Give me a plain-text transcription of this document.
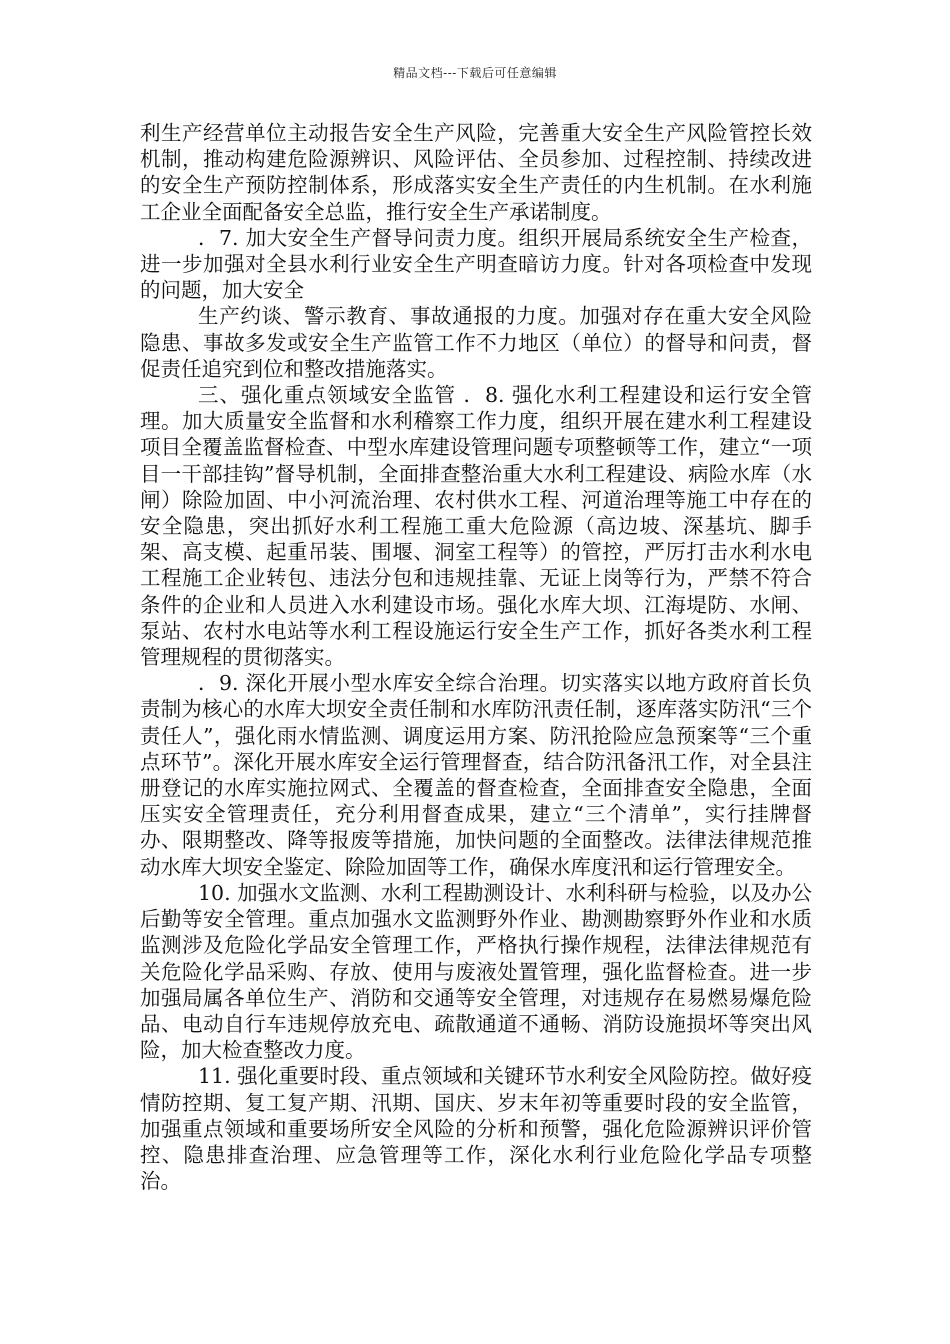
精品文档---下载后可任意编辑

利生产经营单位主动报告安全生产风险，完善重大安全生产风险管控长效机制，推动构建危险源辨识、风险评估、全员参加、过程控制、持续改进的安全生产预防控制体系，形成落实安全生产责任的内生机制。在水利施工企业全面配备安全总监，推行安全生产承诺制度。

．7. 加大安全生产督导问责力度。组织开展局系统安全生产检查，进一步加强对全县水利行业安全生产明查暗访力度。针对各项检查中发现的问题，加大安全

生产约谈、警示教育、事故通报的力度。加强对存在重大安全风险隐患、事故多发或安全生产监管工作不力地区（单位）的督导和问责，督促责任追究到位和整改措施落实。

三、强化重点领域安全监管 ．8. 强化水利工程建设和运行安全管理。加大质量安全监督和水利稽察工作力度，组织开展在建水利工程建设项目全覆盖监督检查、中型水库建设管理问题专项整顿等工作，建立“一项目一干部挂钩”督导机制，全面排查整治重大水利工程建设、病险水库（水闸）除险加固、中小河流治理、农村供水工程、河道治理等施工中存在的安全隐患，突出抓好水利工程施工重大危险源（高边坡、深基坑、脚手架、高支模、起重吊装、围堰、洞室工程等）的管控，严厉打击水利水电工程施工企业转包、违法分包和违规挂靠、无证上岗等行为，严禁不符合条件的企业和人员进入水利建设市场。强化水库大坝、江海堤防、水闸、泵站、农村水电站等水利工程设施运行安全生产工作，抓好各类水利工程管理规程的贯彻落实。

．9. 深化开展小型水库安全综合治理。切实落实以地方政府首长负责制为核心的水库大坝安全责任制和水库防汛责任制，逐库落实防汛“三个责任人”，强化雨水情监测、调度运用方案、防汛抢险应急预案等“三个重点环节”。深化开展水库安全运行管理督查，结合防汛备汛工作，对全县注册登记的水库实施拉网式、全覆盖的督查检查，全面排查安全隐患，全面压实安全管理责任，充分利用督查成果，建立“三个清单”，实行挂牌督办、限期整改、降等报废等措施，加快问题的全面整改。法律法律规范推动水库大坝安全鉴定、除险加固等工作，确保水库度汛和运行管理安全。

10. 加强水文监测、水利工程勘测设计、水利科研与检验，以及办公后勤等安全管理。重点加强水文监测野外作业、勘测勘察野外作业和水质监测涉及危险化学品安全管理工作，严格执行操作规程，法律法律规范有关危险化学品采购、存放、使用与废液处置管理，强化监督检查。进一步加强局属各单位生产、消防和交通等安全管理，对违规存在易燃易爆危险品、电动自行车违规停放充电、疏散通道不通畅、消防设施损坏等突出风险，加大检查整改力度。

11. 强化重要时段、重点领域和关键环节水利安全风险防控。做好疫情防控期、复工复产期、汛期、国庆、岁末年初等重要时段的安全监管，加强重点领域和重要场所安全风险的分析和预警，强化危险源辨识评价管控、隐患排查治理、应急管理等工作，深化水利行业危险化学品专项整治。
